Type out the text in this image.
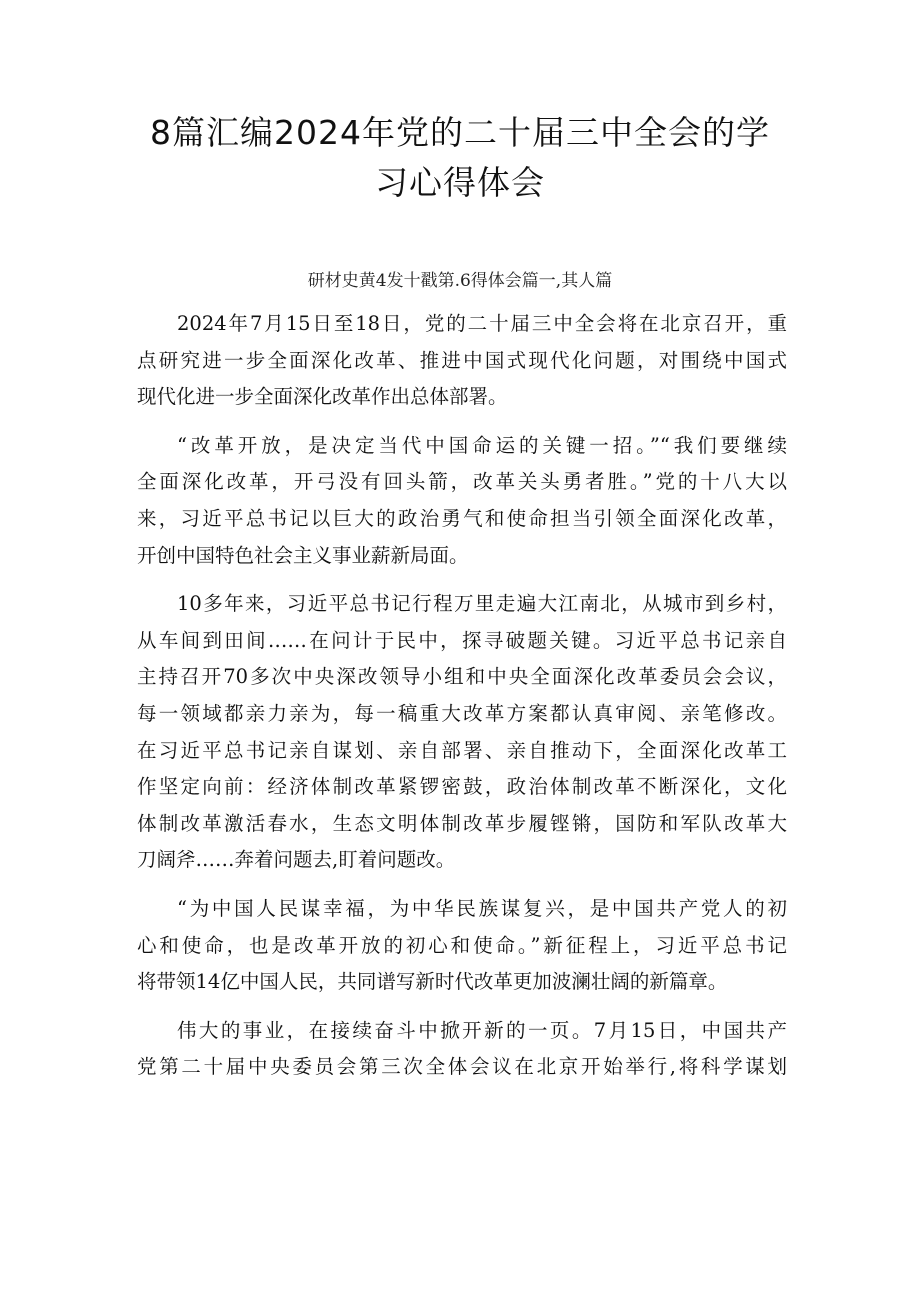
8篇汇编2024年党的二十届三中全会的学
习心得体会

研材史黄4发十戳第.6得体会篇一,其人篇

2024年7月15日至18日，党的二十届三中全会将在北京召开，重
点研究进一步全面深化改革、推进中国式现代化问题，对围绕中国式
现代化进一步全面深化改革作出总体部署。

“改革开放，是决定当代中国命运的关键一招。”“我们要继续
全面深化改革，开弓没有回头箭，改革关头勇者胜。”党的十八大以
来，习近平总书记以巨大的政治勇气和使命担当引领全面深化改革，
开创中国特色社会主义事业薪新局面。

10多年来，习近平总书记行程万里走遍大江南北，从城市到乡村，
从车间到田间……在问计于民中，探寻破题关键。习近平总书记亲自
主持召开70多次中央深改领导小组和中央全面深化改革委员会会议，
每一领域都亲力亲为，每一稿重大改革方案都认真审阅、亲笔修改。
在习近平总书记亲自谋划、亲自部署、亲自推动下，全面深化改革工
作坚定向前：经济体制改革紧锣密鼓，政治体制改革不断深化，文化
体制改革激活春水，生态文明体制改革步履铿锵，国防和军队改革大
刀阔斧……奔着问题去,盯着问题改。

“为中国人民谋幸福，为中华民族谋复兴，是中国共产党人的初
心和使命，也是改革开放的初心和使命。”新征程上，习近平总书记
将带领14亿中国人民，共同谱写新时代改革更加波澜壮阔的新篇章。

伟大的事业，在接续奋斗中掀开新的一页。7月15日，中国共产
党第二十届中央委员会第三次全体会议在北京开始举行,将科学谋划
